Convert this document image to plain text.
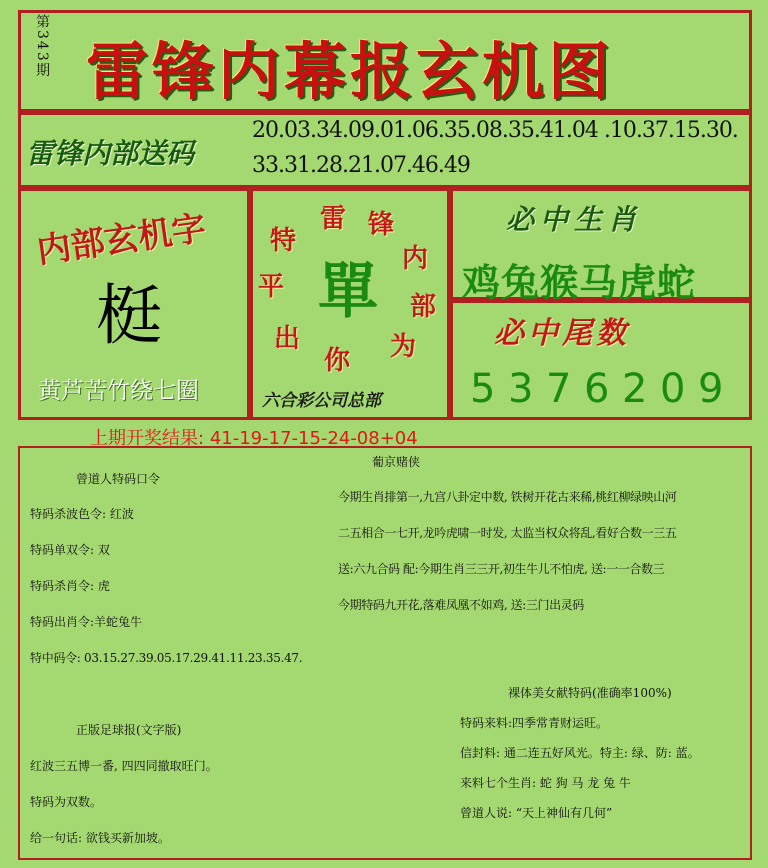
第343期 雷锋内幕报玄机图
雷锋内部送码
20.03.34.09.01.06.35.08.35.41.04 .10.37.15.30.
33.31.28.21.07.46.49
内部玄机字
梃
黄芦苦竹绕七圈
雷 锋
内
部
为
你
出
平
特
單
六合彩公司总部
必中生肖
鸡兔猴马虎蛇
必中尾数
5 3 7 6 2 0 9
上期开奖结果: 41-19-17-15-24-08+04
曾道人特码口令
特码杀波色令: 红波
特码单双令: 双
特码杀肖令: 虎
特码出肖令:羊蛇兔牛
特中码令: 03.15.27.39.05.17.29.41.11.23.35.47.
正版足球报(文字版)
红波三五博一番, 四四同撤取旺门。
特码为双数。
给一句话: 欲钱买新加坡。
葡京赌侠
今期生肖排第一,九宫八卦定中数, 铁树开花古来稀,桃红柳绿映山河
二五相合一七开,龙吟虎啸一时发, 太监当权众将乱,看好合数一三五
送:六九合码 配:今期生肖三三开,初生牛儿不怕虎, 送:一一合数三
今期特码九开花,落难凤凰不如鸡, 送:三门出灵码
裸体美女献特码(准确率100%)
特码来料:四季常青财运旺。
信封料: 通二连五好风光。特主: 绿、防: 蓝。
来料七个生肖: 蛇 狗 马 龙 兔 牛
曾道人说: “天上神仙有几何”
